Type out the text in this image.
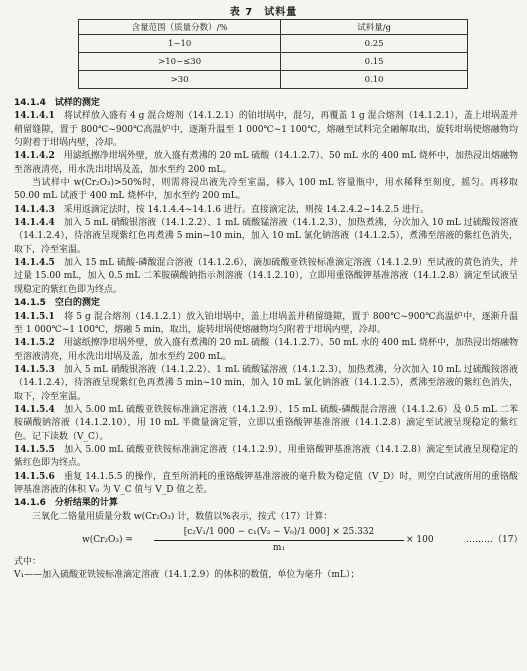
表 7　试料量
含量范围（质量分数）/%	试料量/g
1~10	0.25
>10~≤30	0.15
>30	0.10

14.1.4　试样的测定

14.1.4.1　 将试样放入盛有 4 g 混合熔剂（14.1.2.1）的铂坩埚中，混匀，再覆盖 1 g 混合熔剂（14.1.2.1），盖上坩埚盖并稍留缝隙，置于 800℃~900℃高温炉中，逐渐升温至 1 000℃~1 100℃，熔融至试料完全融解取出，旋转坩埚使熔融物均匀附着于坩埚内壁，冷却。

14.1.4.2　 用滤纸擦净坩埚外壁，放入盛有煮沸的 20 mL 硫酸（14.1.2.7）、50 mL 水的 400 mL 烧杯中，加热浸出熔融物至溶液清亮，用水洗出坩埚及盖，加水至约 200 mL。

当试样中 w(Cr₂O₃)>50%时，则需将浸出液先冷至室温，移入 100 mL 容量瓶中，用水稀释至刻度，摇匀。再移取 50.00 mL 试液于 400 mL 烧杯中，加水至约 200 mL。

14.1.4.3　 采用返滴定法时，按 14.1.4.4~14.1.6 进行。直接滴定法，则按 14.2.4.2~14.2.5 进行。

14.1.4.4　 加入 5 mL 硝酸银溶液（14.1.2.2）、1 mL 硫酸锰溶液（14.1.2.3），加热煮沸，分次加入 10 mL 过硫酸铵溶液（14.1.2.4），待溶液呈现紫红色再煮沸 5 min~10 min，加入 10 mL 氯化钠溶液（14.1.2.5），煮沸至溶液的紫红色消失，取下，冷至室温。

14.1.4.5　 加入 15 mL 硫酸-磷酸混合溶液（14.1.2.6），滴加硫酸亚铁铵标准滴定溶液（14.1.2.9）至试液的黄色消失，并过量 15.00 mL，加入 0.5 mL 二苯胺磺酸钠指示剂溶液（14.1.2.10），立即用重铬酸钾基准溶液（14.1.2.8）滴定至试液呈现稳定的紫红色即为终点。

14.1.5　空白的测定

14.1.5.1　 将 5 g 混合熔剂（14.1.2.1）放入铂坩埚中，盖上坩埚盖并稍留缝隙，置于 800℃~900℃高温炉中，逐渐升温至 1 000℃~1 100℃，熔融 5 min，取出，旋转坩埚使熔融物均匀附着于坩埚内壁，冷却。

14.1.5.2　 用滤纸擦净坩埚外壁，放入盛有煮沸的 20 mL 硫酸（14.1.2.7）、50 mL 水的 400 mL 烧杯中，加热浸出熔融物至溶液清亮，用水洗出坩埚及盖，加水至约 200 mL。

14.1.5.3　 加入 5 mL 硝酸银溶液（14.1.2.2）、1 mL 硫酸锰溶液（14.1.2.3），加热煮沸，分次加入 10 mL 过硫酸铵溶液（14.1.2.4），待溶液呈现紫红色再煮沸 5 min~10 min，加入 10 mL 氯化钠溶液（14.1.2.5），煮沸至溶液的紫红色消失，取下，冷至室温。

14.1.5.4　 加入 5.00 mL 硫酸亚铁铵标准滴定溶液（14.1.2.9）、15 mL 硫酸-磷酸混合溶液（14.1.2.6）及 0.5 mL 二苯胺磺酸钠溶液（14.1.2.10），用 10 mL 半微量滴定管，立即以重铬酸钾基准溶液（14.1.2.8）滴定至试液呈现稳定的紫红色。记下读数（V_C）。

14.1.5.5　 加入 5.00 mL 硫酸亚铁铵标准滴定溶液（14.1.2.9），用重铬酸钾基准溶液（14.1.2.8）滴定至试液呈现稳定的紫红色即为终点。

14.1.5.6　 重复 14.1.5.5 的操作，直至所消耗的重铬酸钾基准溶液的毫升数为稳定值（V_D）时，则空白试液所用的重铬酸钾基准溶液的体积 V₀ 为 V_C 值与 V_D 值之差。

14.1.6　分析结果的计算

三氧化二铬量用质量分数 w(Cr₂O₃) 计，数值以%表示，按式（17）计算：

$w(Cr_2O_3) = \frac{\text{[c₂V₁/1 000 − c₁(V₂ − V₀)/1 000] × 25.332}}{\text{m₁}} \times 100$	………（17）

式中：

V₁——加入硫酸亚铁铵标准滴定溶液（14.1.2.9）的体积的数值，单位为毫升（mL）；
